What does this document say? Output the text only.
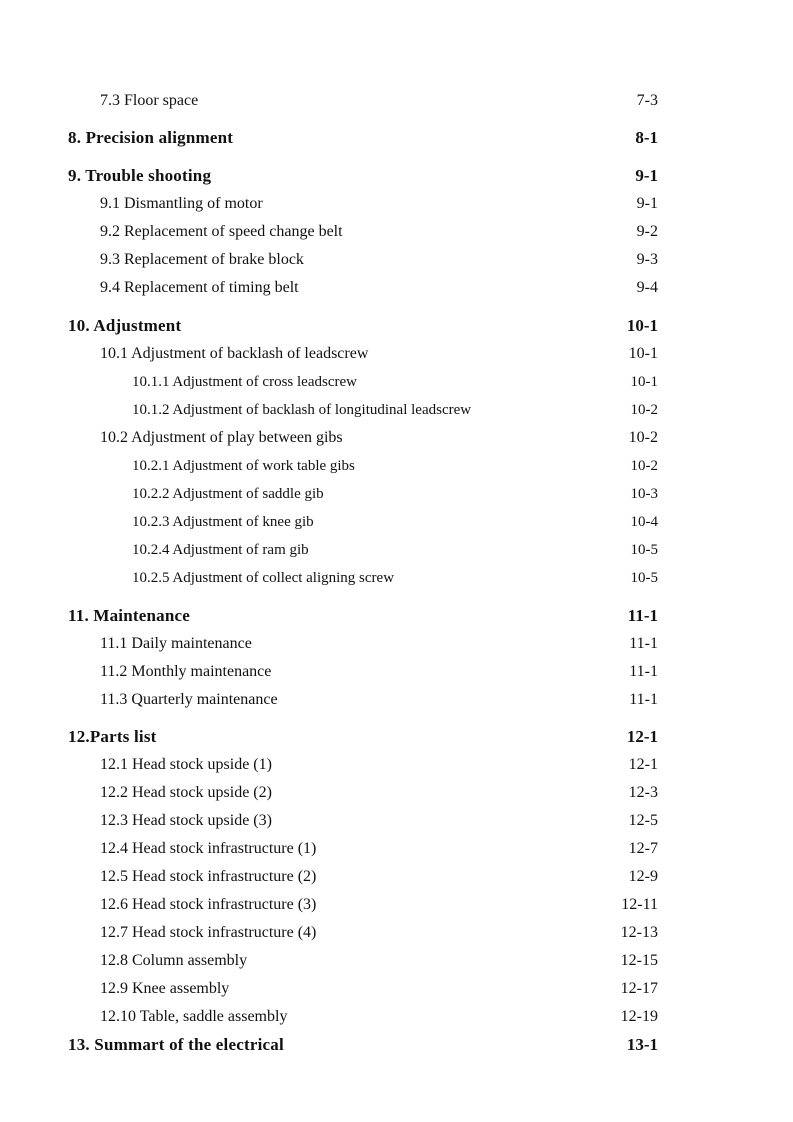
7.3 Floor space	7-3
8. Precision alignment	8-1
9. Trouble shooting	9-1
9.1 Dismantling of motor	9-1
9.2 Replacement of speed change belt	9-2
9.3 Replacement of brake block	9-3
9.4 Replacement of timing belt	9-4
10. Adjustment	10-1
10.1 Adjustment of backlash of leadscrew	10-1
10.1.1 Adjustment of cross leadscrew	10-1
10.1.2 Adjustment of backlash of longitudinal leadscrew	10-2
10.2 Adjustment of play between gibs	10-2
10.2.1 Adjustment of work table gibs	10-2
10.2.2 Adjustment of saddle gib	10-3
10.2.3 Adjustment of knee gib	10-4
10.2.4 Adjustment of ram gib	10-5
10.2.5 Adjustment of collect aligning screw	10-5
11. Maintenance	11-1
11.1 Daily maintenance	11-1
11.2 Monthly maintenance	11-1
11.3 Quarterly maintenance	11-1
12.Parts list	12-1
12.1 Head stock upside (1)	12-1
12.2 Head stock upside (2)	12-3
12.3 Head stock upside (3)	12-5
12.4 Head stock infrastructure (1)	12-7
12.5 Head stock infrastructure (2)	12-9
12.6 Head stock infrastructure (3)	12-11
12.7 Head stock infrastructure (4)	12-13
12.8 Column assembly	12-15
12.9 Knee assembly	12-17
12.10 Table, saddle assembly	12-19
13. Summart of the electrical	13-1
